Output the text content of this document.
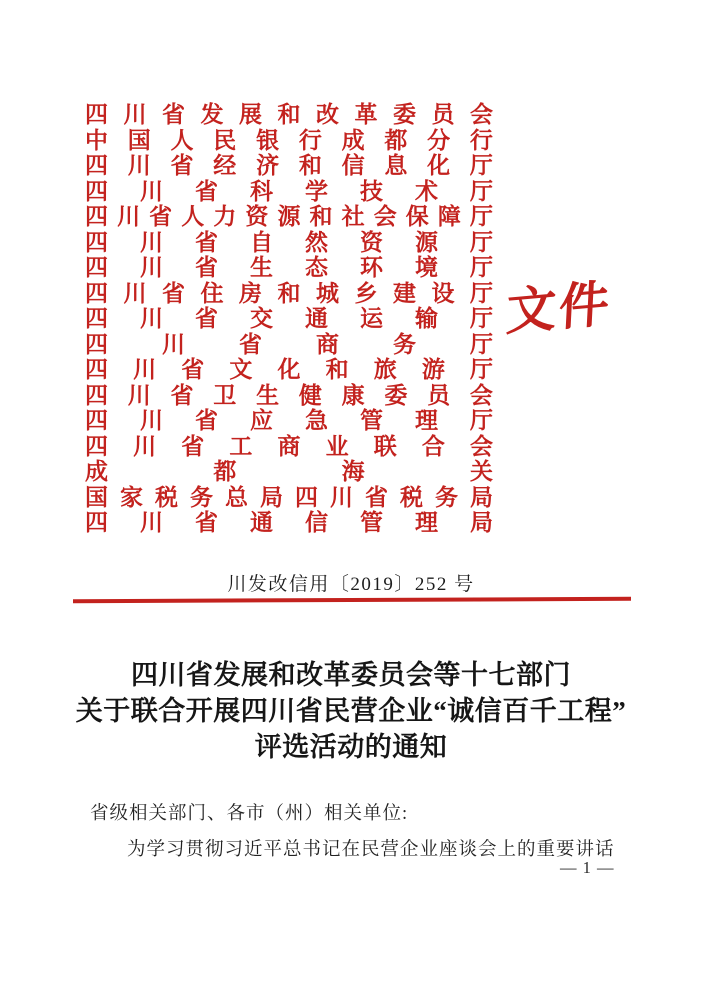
四 川 省 发 展 和 改 革 委 员 会
中 国 人 民 银 行 成 都 分 行
四 川 省 经 济 和 信 息 化 厅
四 川 省 科 学 技 术 厅
四 川 省 人 力 资 源 和 社 会 保 障 厅
四 川 省 自 然 资 源 厅
四 川 省 生 态 环 境 厅
四 川 省 住 房 和 城 乡 建 设 厅
四 川 省 交 通 运 输 厅
四 川 省 商 务 厅
四 川 省 文 化 和 旅 游 厅
四 川 省 卫 生 健 康 委 员 会
四 川 省 应 急 管 理 厅
四 川 省 工 商 业 联 合 会
成	都	海	关
国 家 税 务 总 局 四 川 省 税 务 局
四 川 省 通 信 管 理 局
文件
川发改信用〔2019〕252 号
四川省发展和改革委员会等十七部门
关于联合开展四川省民营企业“诚信百千工程”
评选活动的通知

省级相关部门、各市（州）相关单位:

为学习贯彻习近平总书记在民营企业座谈会上的重要讲话

— 1 —
